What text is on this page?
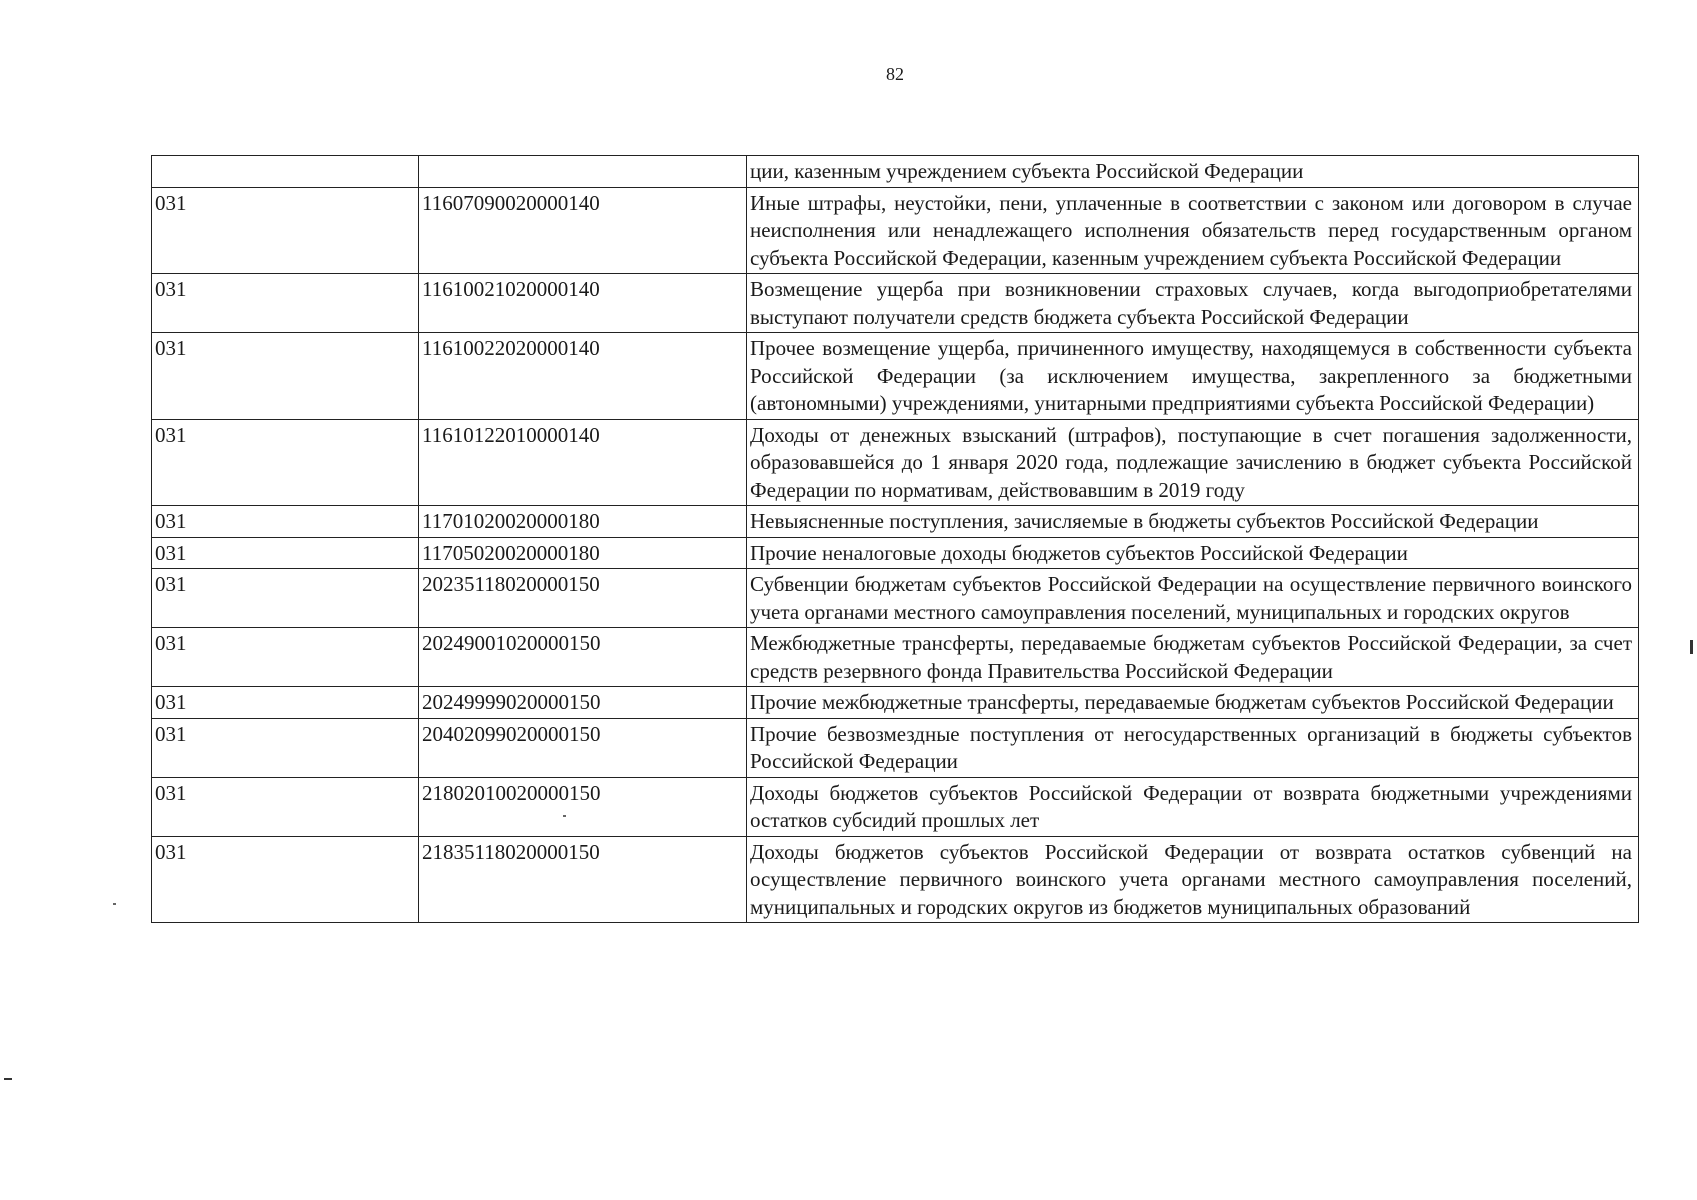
82
		ции, казенным учреждением субъекта Российской Федерации
031	11607090020000140	Иные штрафы, неустойки, пени, уплаченные в соответствии с законом или договором в случае неисполнения или ненадлежащего исполнения обязательств перед государственным органом субъекта Российской Федерации, казенным учреждением субъекта Российской Федерации
031	11610021020000140	Возмещение ущерба при возникновении страховых случаев, когда выгодоприобретателями выступают получатели средств бюджета субъекта Российской Федерации
031	11610022020000140	Прочее возмещение ущерба, причиненного имуществу, находящемуся в собственности субъекта Российской Федерации (за исключением имущества, закрепленного за бюджетными (автономными) учреждениями, унитарными предприятиями субъекта Российской Федерации)
031	11610122010000140	Доходы от денежных взысканий (штрафов), поступающие в счет погашения задолженности, образовавшейся до 1 января 2020 года, подлежащие зачислению в бюджет субъекта Российской Федерации по нормативам, действовавшим в 2019 году
031	11701020020000180	Невыясненные поступления, зачисляемые в бюджеты субъектов Российской Федерации
031	11705020020000180	Прочие неналоговые доходы бюджетов субъектов Российской Федерации
031	20235118020000150	Субвенции бюджетам субъектов Российской Федерации на осуществление первичного воинского учета органами местного самоуправления поселений, муниципальных и городских округов
031	20249001020000150	Межбюджетные трансферты, передаваемые бюджетам субъектов Российской Федерации, за счет средств резервного фонда Правительства Российской Федерации
031	20249999020000150	Прочие межбюджетные трансферты, передаваемые бюджетам субъектов Российской Федерации
031	20402099020000150	Прочие безвозмездные поступления от негосударственных организаций в бюджеты субъектов Российской Федерации
031	21802010020000150	Доходы бюджетов субъектов Российской Федерации от возврата бюджетными учреждениями остатков субсидий прошлых лет
031	21835118020000150	Доходы бюджетов субъектов Российской Федерации от возврата остатков субвенций на осуществление первичного воинского учета органами местного самоуправления поселений, муниципальных и городских округов из бюджетов муниципальных образований
